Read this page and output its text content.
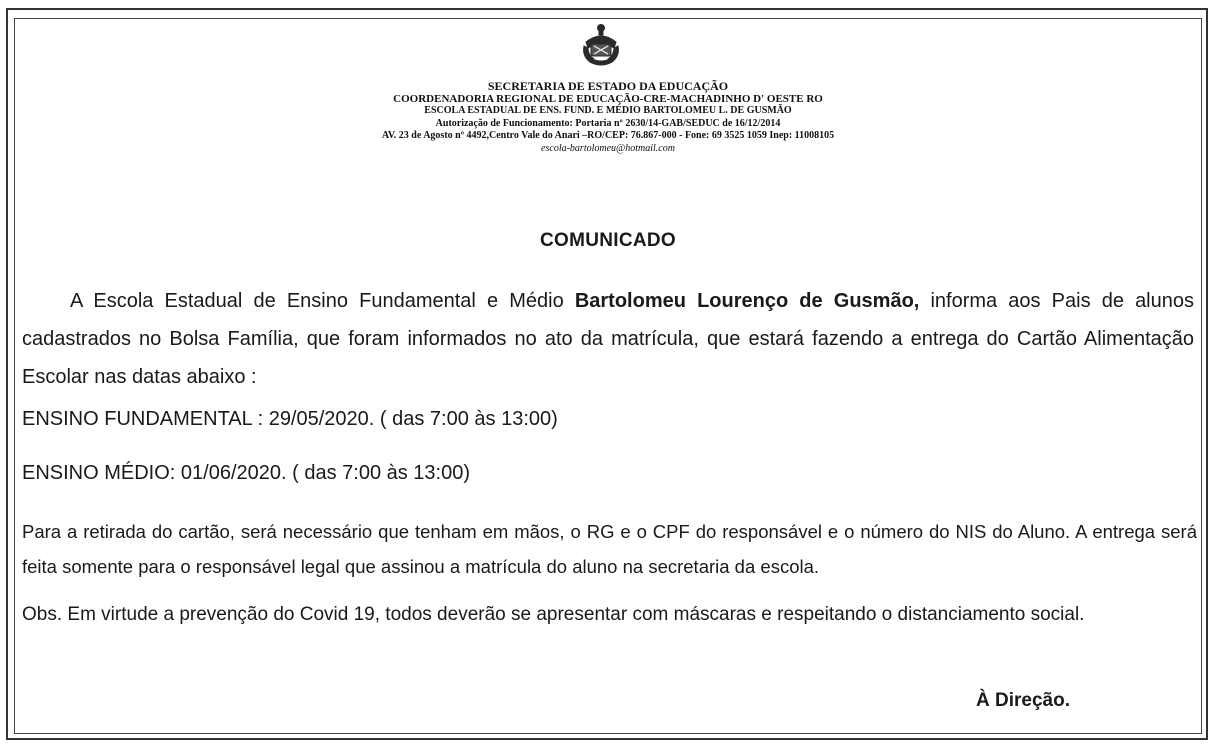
SECRETARIA DE ESTADO DA EDUCAÇÃO
COORDENADORIA REGIONAL DE EDUCAÇÃO-CRE-MACHADINHO D' OESTE RO
ESCOLA ESTADUAL DE ENS. FUND. E MÉDIO BARTOLOMEU L. DE GUSMÃO
Autorização de Funcionamento: Portaria nº 2630/14-GAB/SEDUC de 16/12/2014
AV. 23 de Agosto nº 4492,Centro Vale do Anari –RO/CEP: 76.867-000 - Fone: 69 3525 1059 Inep: 11008105
escola-bartolomeu@hotmail.com
COMUNICADO
A Escola Estadual de Ensino Fundamental e Médio Bartolomeu Lourenço de Gusmão, informa aos Pais de alunos cadastrados no Bolsa Família, que foram informados no ato da matrícula, que estará fazendo a entrega do Cartão Alimentação Escolar nas datas abaixo :
ENSINO FUNDAMENTAL : 29/05/2020. ( das 7:00 às 13:00)
ENSINO MÉDIO: 01/06/2020. ( das 7:00 às 13:00)
Para a retirada do cartão, será necessário que tenham em mãos, o RG e o CPF do responsável e o número do NIS do Aluno. A entrega será feita somente para o responsável legal que assinou a matrícula do aluno na secretaria da escola.
Obs. Em virtude a prevenção do Covid 19, todos deverão se apresentar com máscaras e respeitando o distanciamento social.
À Direção.
